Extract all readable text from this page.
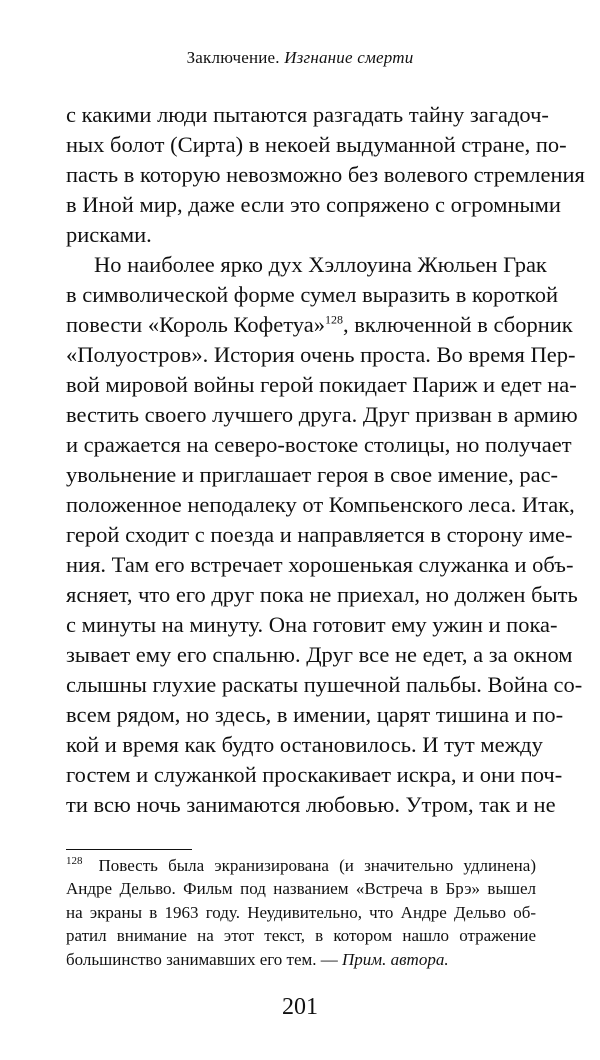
Заключение. Изгнание смерти
с какими люди пытаются разгадать тайну загадоч-
ных болот (Сирта) в некоей выдуманной стране, по-
пасть в которую невозможно без волевого стремления
в Иной мир, даже если это сопряжено с огромными
рисками.
Но наиболее ярко дух Хэллоуина Жюльен Грак
в символической форме сумел выразить в короткой
повести «Король Кофетуа»$^{128}$, включенной в сборник
«Полуостров». История очень проста. Во время Пер-
вой мировой войны герой покидает Париж и едет на-
вестить своего лучшего друга. Друг призван в армию
и сражается на северо-востоке столицы, но получает
увольнение и приглашает героя в свое имение, рас-
положенное неподалеку от Компьенского леса. Итак,
герой сходит с поезда и направляется в сторону име-
ния. Там его встречает хорошенькая служанка и объ-
ясняет, что его друг пока не приехал, но должен быть
с минуты на минуту. Она готовит ему ужин и пока-
зывает ему его спальню. Друг все не едет, а за окном
слышны глухие раскаты пушечной пальбы. Война со-
всем рядом, но здесь, в имении, царят тишина и по-
кой и время как будто остановилось. И тут между
гостем и служанкой проскакивает искра, и они поч-
ти всю ночь занимаются любовью. Утром, так и не
$^{128}$ Повесть была экранизирована (и значительно удлинена)
Андре Дельво. Фильм под названием «Встреча в Брэ» вышел
на экраны в 1963 году. Неудивительно, что Андре Дельво об-
ратил внимание на этот текст, в котором нашло отражение
большинство занимавших его тем. — Прим. автора.
201
